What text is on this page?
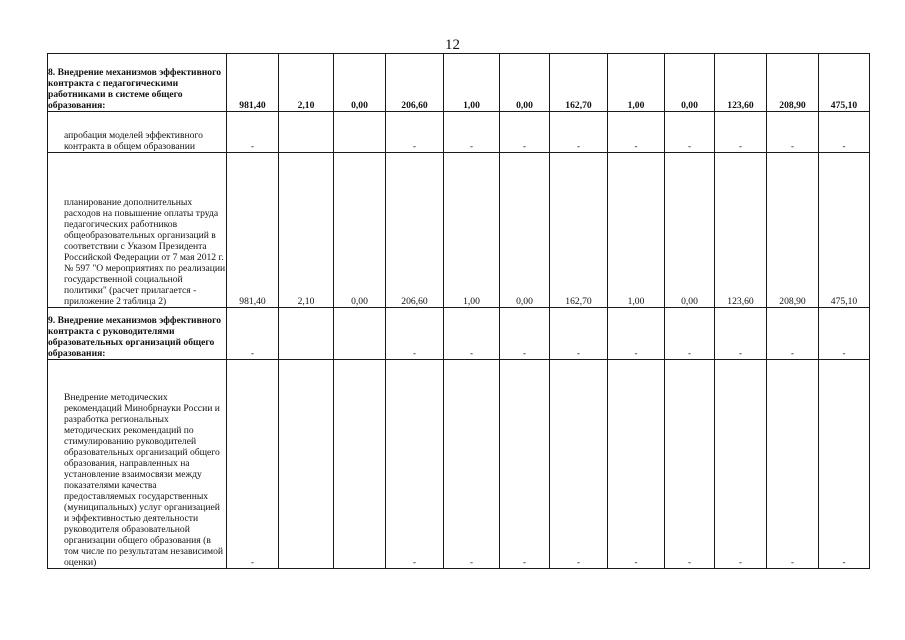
12
8. Внедрение механизмов эффективного контракта с педагогическими работниками в системе общего образования:	981,40	2,10	0,00	206,60	1,00	0,00	162,70	1,00	0,00	123,60	208,90	475,10
апробация моделей эффективного контракта в общем образовании	-			-	-	-	-	-	-	-	-	-
планирование дополнительных расходов на повышение оплаты труда педагогических работников общеобразовательных организаций в соответствии с Указом Президента Российской Федерации от 7 мая 2012 г. № 597 "О мероприятиях по реализации государственной социальной политики" (расчет прилагается - приложение 2 таблица 2)	981,40	2,10	0,00	206,60	1,00	0,00	162,70	1,00	0,00	123,60	208,90	475,10
9. Внедрение механизмов эффективного контракта с руководителями образовательных организаций общего образования:	-			-	-	-	-	-	-	-	-	-
Внедрение методических рекомендаций Минобрнауки России и разработка региональных методических рекомендаций по стимулированию руководителей образовательных организаций общего образования, направленных на установление взаимосвязи между показателями качества предоставляемых государственных (муниципальных) услуг организацией и эффективностью деятельности руководителя образовательной организации общего образования (в том числе по результатам независимой оценки)	-			-	-	-	-	-	-	-	-	-
